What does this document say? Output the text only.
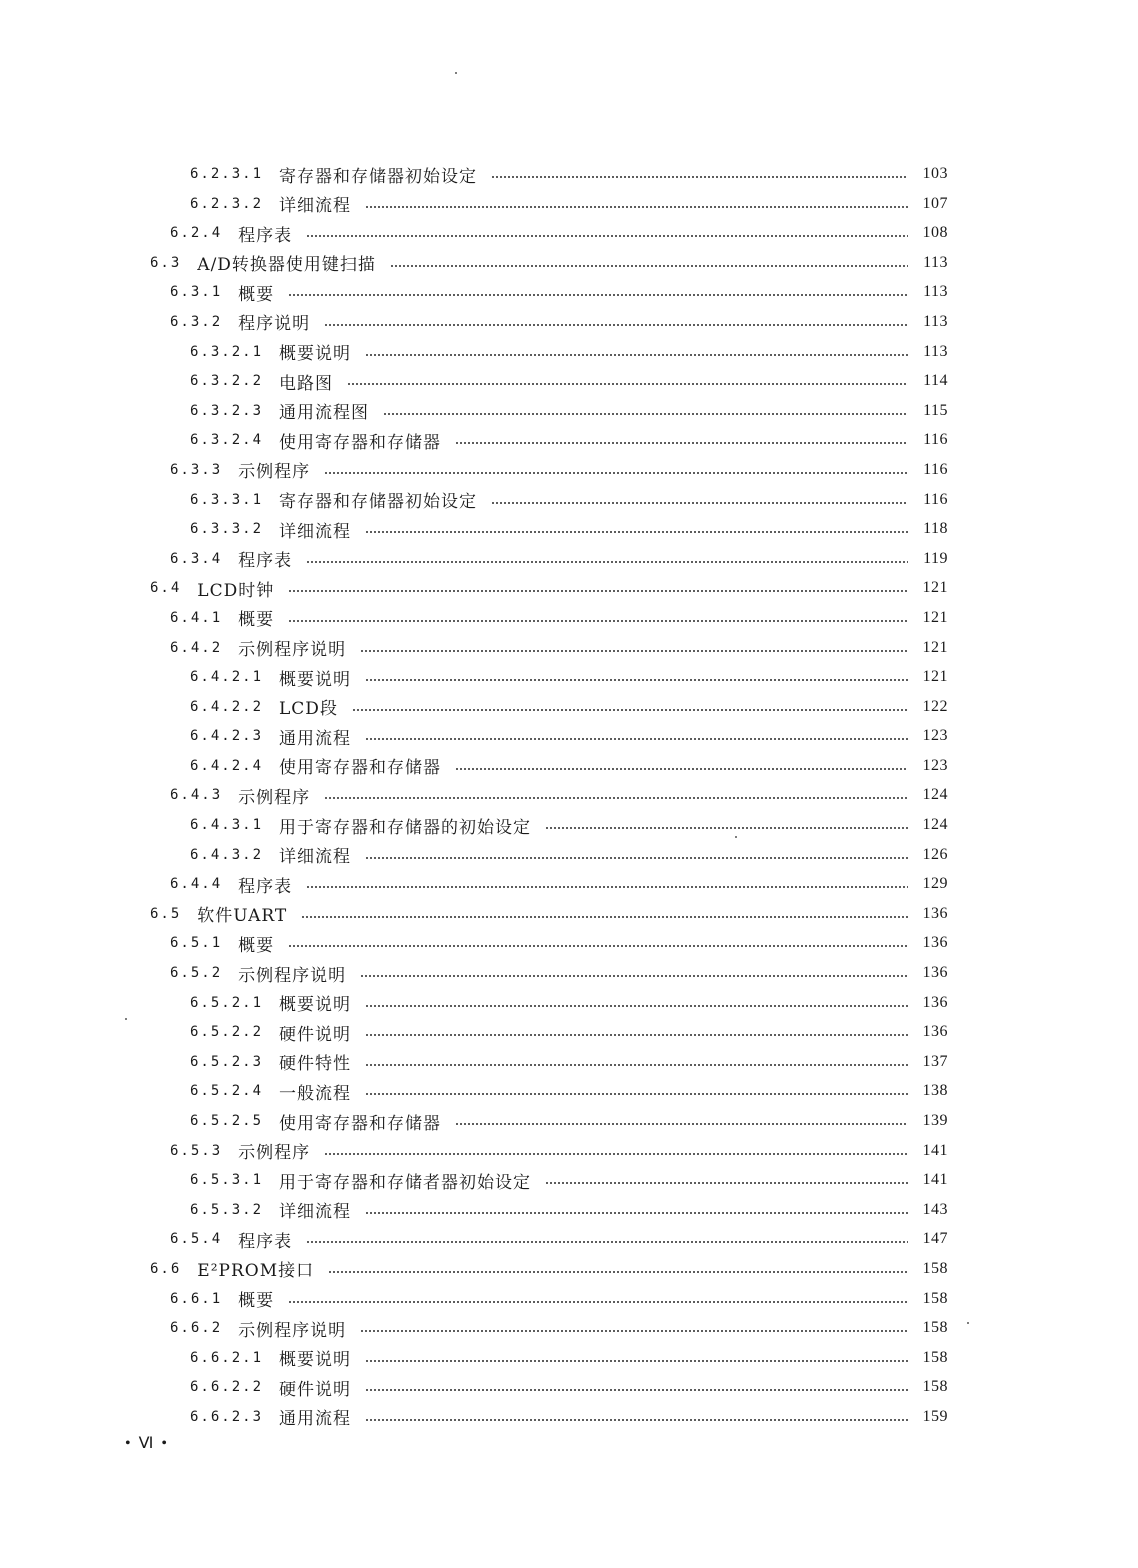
6.2.3.1 寄存器和存储器初始设定	103
6.2.3.2 详细流程	107
6.2.4 程序表	108
6.3 A/D转换器使用键扫描	113
6.3.1 概要	113
6.3.2 程序说明	113
6.3.2.1 概要说明	113
6.3.2.2 电路图	114
6.3.2.3 通用流程图	115
6.3.2.4 使用寄存器和存储器	116
6.3.3 示例程序	116
6.3.3.1 寄存器和存储器初始设定	116
6.3.3.2 详细流程	118
6.3.4 程序表	119
6.4 LCD时钟	121
6.4.1 概要	121
6.4.2 示例程序说明	121
6.4.2.1 概要说明	121
6.4.2.2 LCD段	122
6.4.2.3 通用流程	123
6.4.2.4 使用寄存器和存储器	123
6.4.3 示例程序	124
6.4.3.1 用于寄存器和存储器的初始设定	124
6.4.3.2 详细流程	126
6.4.4 程序表	129
6.5 软件UART	136
6.5.1 概要	136
6.5.2 示例程序说明	136
6.5.2.1 概要说明	136
6.5.2.2 硬件说明	136
6.5.2.3 硬件特性	137
6.5.2.4 一般流程	138
6.5.2.5 使用寄存器和存储器	139
6.5.3 示例程序	141
6.5.3.1 用于寄存器和存储者器初始设定	141
6.5.3.2 详细流程	143
6.5.4 程序表	147
6.6 E²PROM接口	158
6.6.1 概要	158
6.6.2 示例程序说明	158
6.6.2.1 概要说明	158
6.6.2.2 硬件说明	158
6.6.2.3 通用流程	159
• Ⅵ •
